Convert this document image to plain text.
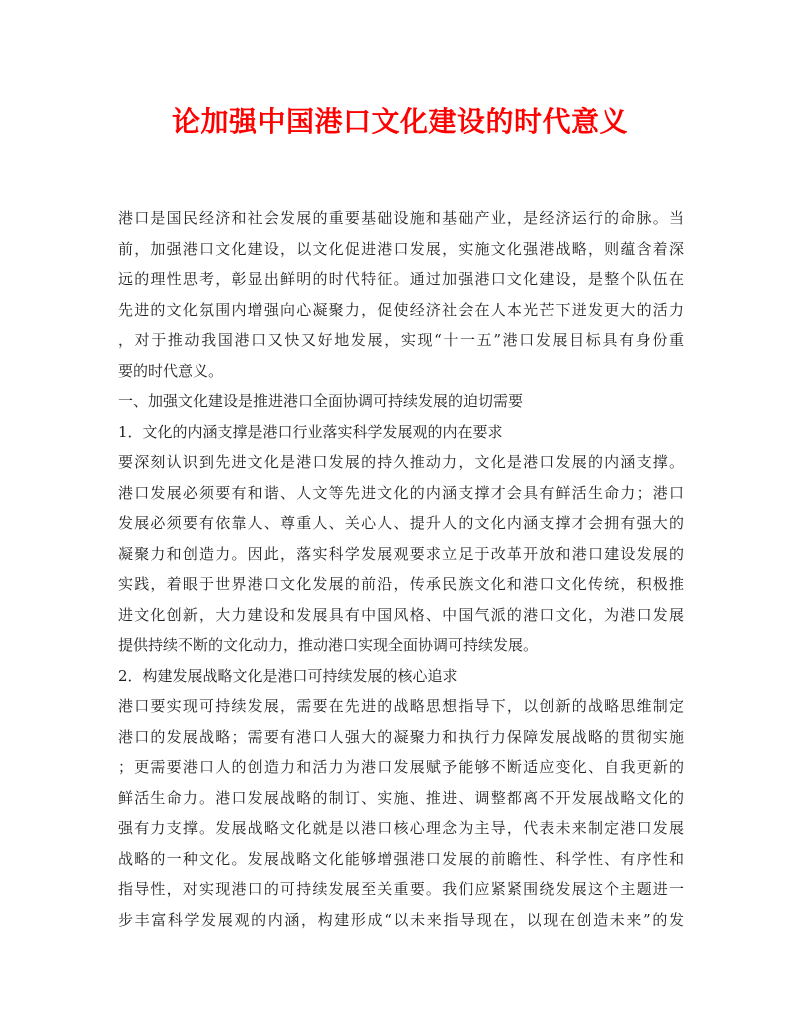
论加强中国港口文化建设的时代意义

港口是国民经济和社会发展的重要基础设施和基础产业，是经济运行的命脉。当

前，加强港口文化建设，以文化促进港口发展，实施文化强港战略，则蕴含着深

远的理性思考，彰显出鲜明的时代特征。通过加强港口文化建设，是整个队伍在

先进的文化氛围内增强向心凝聚力，促使经济社会在人本光芒下迸发更大的活力

，对于推动我国港口又快又好地发展，实现“十一五”港口发展目标具有身份重

要的时代意义。

一、加强文化建设是推进港口全面协调可持续发展的迫切需要

1．文化的内涵支撑是港口行业落实科学发展观的内在要求

要深刻认识到先进文化是港口发展的持久推动力，文化是港口发展的内涵支撑。

港口发展必须要有和谐、人文等先进文化的内涵支撑才会具有鲜活生命力；港口

发展必须要有依靠人、尊重人、关心人、提升人的文化内涵支撑才会拥有强大的

凝聚力和创造力。因此，落实科学发展观要求立足于改革开放和港口建设发展的

实践，着眼于世界港口文化发展的前沿，传承民族文化和港口文化传统，积极推

进文化创新，大力建设和发展具有中国风格、中国气派的港口文化，为港口发展

提供持续不断的文化动力，推动港口实现全面协调可持续发展。

2．构建发展战略文化是港口可持续发展的核心追求

港口要实现可持续发展，需要在先进的战略思想指导下，以创新的战略思维制定

港口的发展战略；需要有港口人强大的凝聚力和执行力保障发展战略的贯彻实施

；更需要港口人的创造力和活力为港口发展赋予能够不断适应变化、自我更新的

鲜活生命力。港口发展战略的制订、实施、推进、调整都离不开发展战略文化的

强有力支撑。发展战略文化就是以港口核心理念为主导，代表未来制定港口发展

战略的一种文化。发展战略文化能够增强港口发展的前瞻性、科学性、有序性和

指导性，对实现港口的可持续发展至关重要。我们应紧紧围绕发展这个主题进一

步丰富科学发展观的内涵，构建形成“以未来指导现在，以现在创造未来”的发
